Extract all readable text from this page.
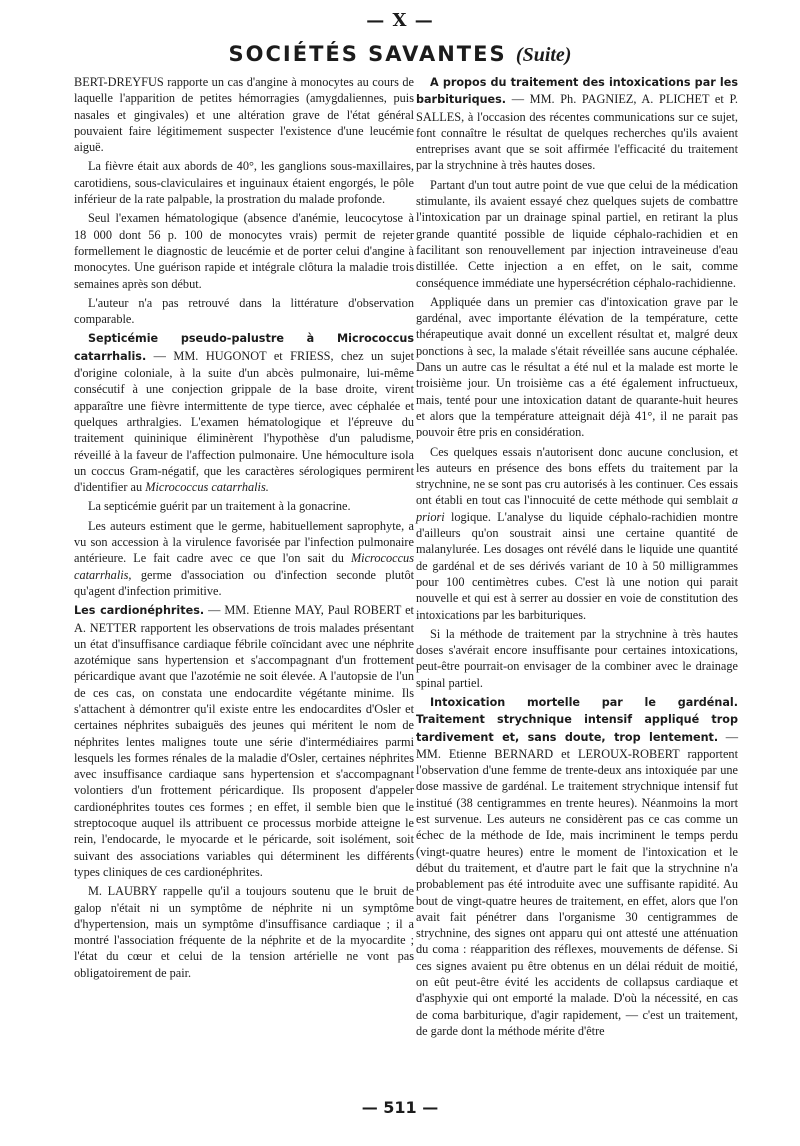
— X —
SOCIÉTÉS SAVANTES (Suite)

BERT-DREYFUS rapporte un cas d'angine à monocytes au cours de laquelle l'apparition de petites hémorragies (amygdaliennes, puis nasales et gingivales) et une altération grave de l'état général pouvaient faire légitimement suspecter l'existence d'une leucémie aiguë.

La fièvre était aux abords de 40°, les ganglions sous-maxillaires, carotidiens, sous-claviculaires et inguinaux étaient engorgés, le pôle inférieur de la rate palpable, la prostration du malade profonde.

Seul l'examen hématologique (absence d'anémie, leucocytose à 18 000 dont 56 p. 100 de monocytes vrais) permit de rejeter formellement le diagnostic de leucémie et de porter celui d'angine à monocytes. Une guérison rapide et intégrale clôtura la maladie trois semaines après son début.

L'auteur n'a pas retrouvé dans la littérature d'observation comparable.

Septicémie pseudo-palustre à Micrococcus catarrhalis. — MM. HUGONOT et FRIESS, chez un sujet d'origine coloniale, à la suite d'un abcès pulmonaire, lui-même consécutif à une conjection grippale de la base droite, virent apparaître une fièvre intermittente de type tierce, avec céphalée et quelques arthralgies. L'examen hématologique et l'épreuve du traitement quininique éliminèrent l'hypothèse d'un paludisme, réveillé à la faveur de l'affection pulmonaire. Une hémoculture isola un coccus Gram-négatif, que les caractères sérologiques permirent d'identifier au Micrococcus catarrhalis.

La septicémie guérit par un traitement à la gonacrine.

Les auteurs estiment que le germe, habituellement saprophyte, a vu son accession à la virulence favorisée par l'infection pulmonaire antérieure. Le fait cadre avec ce que l'on sait du Micrococcus catarrhalis, germe d'association ou d'infection seconde plutôt qu'agent d'infection primitive.

Les cardionéphrites. — MM. Etienne MAY, Paul ROBERT et A. NETTER rapportent les observations de trois malades présentant un état d'insuffisance cardiaque fébrile coïncidant avec une néphrite azotémique sans hypertension et s'accompagnant d'un frottement péricardique avant que l'azotémie ne soit élevée. A l'autopsie de l'un de ces cas, on constata une endocardite végétante minime. Ils s'attachent à démontrer qu'il existe entre les endocardites d'Osler et certaines néphrites subaiguës des jeunes qui méritent le nom de néphrites lentes malignes toute une série d'intermédiaires parmi lesquels les formes rénales de la maladie d'Osler, certaines néphrites avec insuffisance cardiaque sans hypertension et s'accompagnant volontiers d'un frottement péricardique. Ils proposent d'appeler cardionéphrites toutes ces formes ; en effet, il semble bien que le streptocoque auquel ils attribuent ce processus morbide atteigne le rein, l'endocarde, le myocarde et le péricarde, soit isolément, soit suivant des associations variables qui déterminent les différents types cliniques de ces cardionéphrites.

M. LAUBRY rappelle qu'il a toujours soutenu que le bruit de galop n'était ni un symptôme de néphrite ni un symptôme d'hypertension, mais un symptôme d'insuffisance cardiaque ; il a montré l'association fréquente de la néphrite et de la myocardite ; l'état du cœur et celui de la tension artérielle ne vont pas obligatoirement de pair.

A propos du traitement des intoxications par les barbituriques. — MM. Ph. PAGNIEZ, A. PLICHET et P. SALLES, à l'occasion des récentes communications sur ce sujet, font connaître le résultat de quelques recherches qu'ils avaient entreprises avant que se soit affirmée l'efficacité du traitement par la strychnine à très hautes doses.

Partant d'un tout autre point de vue que celui de la médication stimulante, ils avaient essayé chez quelques sujets de combattre l'intoxication par un drainage spinal partiel, en retirant la plus grande quantité possible de liquide céphalo-rachidien et en facilitant son renouvellement par injection intraveineuse d'eau distillée. Cette injection a en effet, on le sait, comme conséquence immédiate une hypersécrétion céphalo-rachidienne.

Appliquée dans un premier cas d'intoxication grave par le gardénal, avec importante élévation de la température, cette thérapeutique avait donné un excellent résultat et, malgré deux ponctions à sec, la malade s'était réveillée sans aucune céphalée. Dans un autre cas le résultat a été nul et la malade est morte le troisième jour. Un troisième cas a été également infructueux, mais, tenté pour une intoxication datant de quarante-huit heures et alors que la température atteignait déjà 41°, il ne parait pas pouvoir être pris en considération.

Ces quelques essais n'autorisent donc aucune conclusion, et les auteurs en présence des bons effets du traitement par la strychnine, ne se sont pas cru autorisés à les continuer. Ces essais ont établi en tout cas l'innocuité de cette méthode qui semblait a priori logique. L'analyse du liquide céphalo-rachidien montre d'ailleurs qu'on soustrait ainsi une certaine quantité de malanylurée. Les dosages ont révélé dans le liquide une quantité de gardénal et de ses dérivés variant de 10 à 50 milligrammes pour 100 centimètres cubes. C'est là une notion qui parait nouvelle et qui est à serrer au dossier en voie de constitution des intoxications par les barbituriques.

Si la méthode de traitement par la strychnine à très hautes doses s'avérait encore insuffisante pour certaines intoxications, peut-être pourrait-on envisager de la combiner avec le drainage spinal partiel.

Intoxication mortelle par le gardénal. Traitement strychnique intensif appliqué trop tardivement et, sans doute, trop lentement. — MM. Etienne BERNARD et LEROUX-ROBERT rapportent l'observation d'une femme de trente-deux ans intoxiquée par une dose massive de gardénal. Le traitement strychnique intensif fut institué (38 centigrammes en trente heures). Néanmoins la mort est survenue. Les auteurs ne considèrent pas ce cas comme un échec de la méthode de Ide, mais incriminent le temps perdu (vingt-quatre heures) entre le moment de l'intoxication et le début du traitement, et d'autre part le fait que la strychnine n'a probablement pas été introduite avec une suffisante rapidité. Au bout de vingt-quatre heures de traitement, en effet, alors que l'on avait fait pénétrer dans l'organisme 30 centigrammes de strychnine, des signes ont apparu qui ont attesté une atténuation du coma : réapparition des réflexes, mouvements de défense. Si ces signes avaient pu être obtenus en un délai réduit de moitié, on eût peut-être évité les accidents de collapsus cardiaque et d'asphyxie qui ont emporté la malade. D'où la nécessité, en cas de coma barbiturique, d'agir rapidement, — c'est un traitement, de garde dont la méthode mérite d'être

— 511 —
